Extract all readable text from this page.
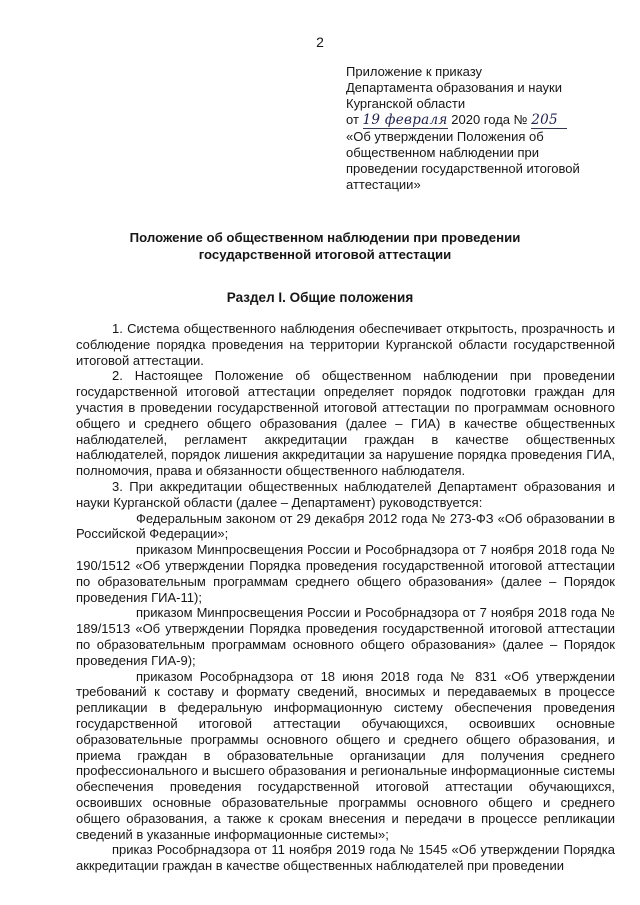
2
Приложение к приказу
Департамента образования и науки
Курганской области
от 19 февраля 2020 года № 205
«Об утверждении Положения об
общественном наблюдении при
проведении государственной итоговой
аттестации»
Положение об общественном наблюдении при проведении государственной итоговой аттестации
Раздел I. Общие положения

1. Система общественного наблюдения обеспечивает открытость, прозрачность и соблюдение порядка проведения на территории Курганской области государственной итоговой аттестации.

2. Настоящее Положение об общественном наблюдении при проведении государственной итоговой аттестации определяет порядок подготовки граждан для участия в проведении государственной итоговой аттестации по программам основного общего и среднего общего образования (далее – ГИА) в качестве общественных наблюдателей, регламент аккредитации граждан в качестве общественных наблюдателей, порядок лишения аккредитации за нарушение порядка проведения ГИА, полномочия, права и обязанности общественного наблюдателя.

3. При аккредитации общественных наблюдателей Департамент образования и науки Курганской области (далее – Департамент) руководствуется:

Федеральным законом от 29 декабря 2012 года № 273-ФЗ «Об образовании в Российской Федерации»;

приказом Минпросвещения России и Рособрнадзора от 7 ноября 2018 года № 190/1512 «Об утверждении Порядка проведения государственной итоговой аттестации по образовательным программам среднего общего образования» (далее – Порядок проведения ГИА-11);

приказом Минпросвещения России и Рособрнадзора от 7 ноября 2018 года № 189/1513 «Об утверждении Порядка проведения государственной итоговой аттестации по образовательным программам основного общего образования» (далее – Порядок проведения ГИА-9);

приказом Рособрнадзора от 18 июня 2018 года № 831 «Об утверждении требований к составу и формату сведений, вносимых и передаваемых в процессе репликации в федеральную информационную систему обеспечения проведения государственной итоговой аттестации обучающихся, освоивших основные образовательные программы основного общего и среднего общего образования, и приема граждан в образовательные организации для получения среднего профессионального и высшего образования и региональные информационные системы обеспечения проведения государственной итоговой аттестации обучающихся, освоивших основные образовательные программы основного общего и среднего общего образования, а также к срокам внесения и передачи в процессе репликации сведений в указанные информационные системы»;

приказ Рособрнадзора от 11 ноября 2019 года № 1545 «Об утверждении Порядка аккредитации граждан в качестве общественных наблюдателей при проведении
